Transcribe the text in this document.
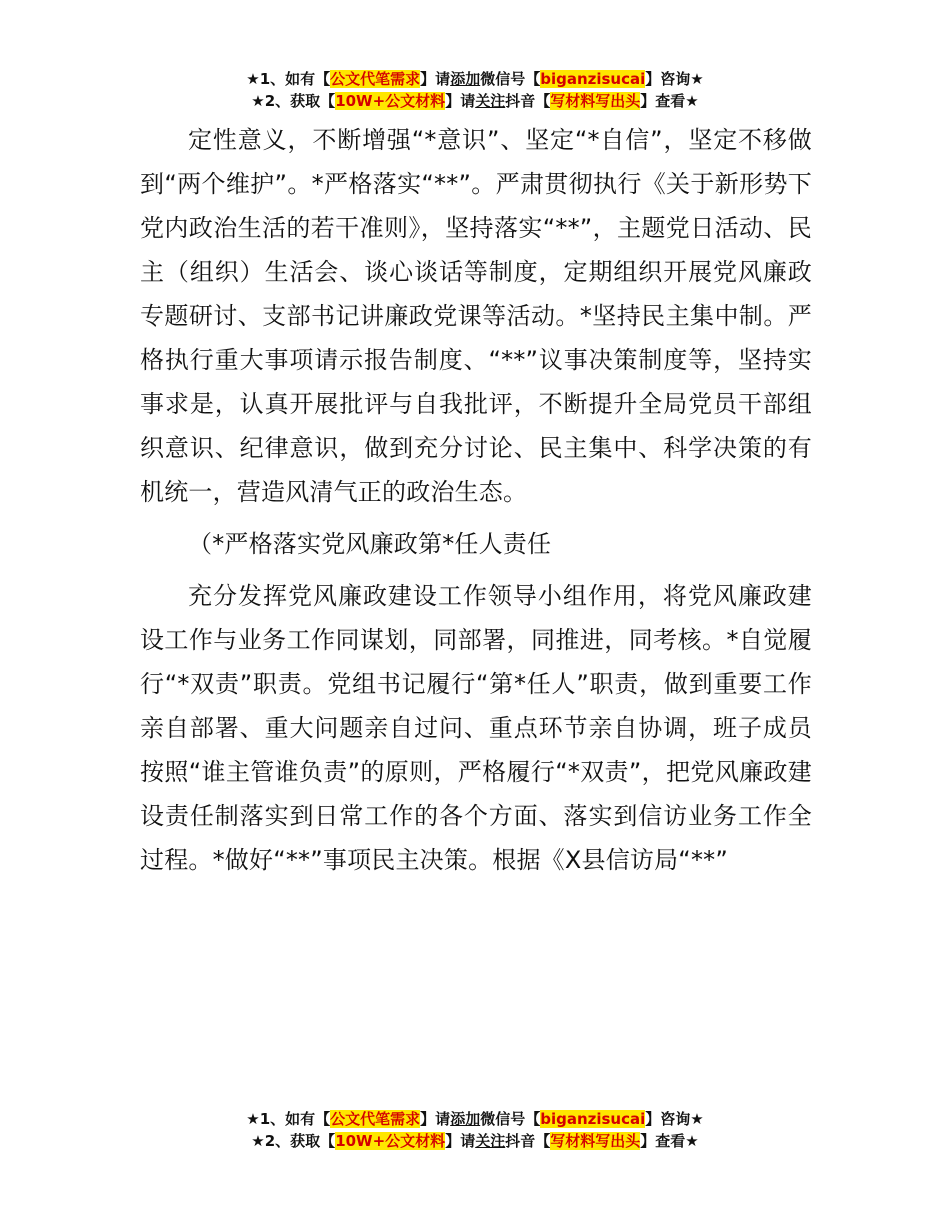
★1、如有【公文代笔需求】请添加微信号【biganzisucai】咨询★
★2、获取【10W+公文材料】请关注抖音【写材料写出头】查看★

定性意义，不断增强“*意识”、坚定“*自信”，坚定不移做到“两个维护”。*严格落实“**”。严肃贯彻执行《关于新形势下党内政治生活的若干准则》，坚持落实“**”，主题党日活动、民主（组织）生活会、谈心谈话等制度，定期组织开展党风廉政专题研讨、支部书记讲廉政党课等活动。*坚持民主集中制。严格执行重大事项请示报告制度、“**”议事决策制度等，坚持实事求是，认真开展批评与自我批评，不断提升全局党员干部组织意识、纪律意识，做到充分讨论、民主集中、科学决策的有机统一，营造风清气正的政治生态。

（*严格落实党风廉政第*任人责任

充分发挥党风廉政建设工作领导小组作用，将党风廉政建设工作与业务工作同谋划，同部署，同推进，同考核。*自觉履行“*双责”职责。党组书记履行“第*任人”职责，做到重要工作亲自部署、重大问题亲自过问、重点环节亲自协调，班子成员按照“谁主管谁负责”的原则，严格履行“*双责”，把党风廉政建设责任制落实到日常工作的各个方面、落实到信访业务工作全过程。*做好“**”事项民主决策。根据《X县信访局“**”

★1、如有【公文代笔需求】请添加微信号【biganzisucai】咨询★
★2、获取【10W+公文材料】请关注抖音【写材料写出头】查看★
